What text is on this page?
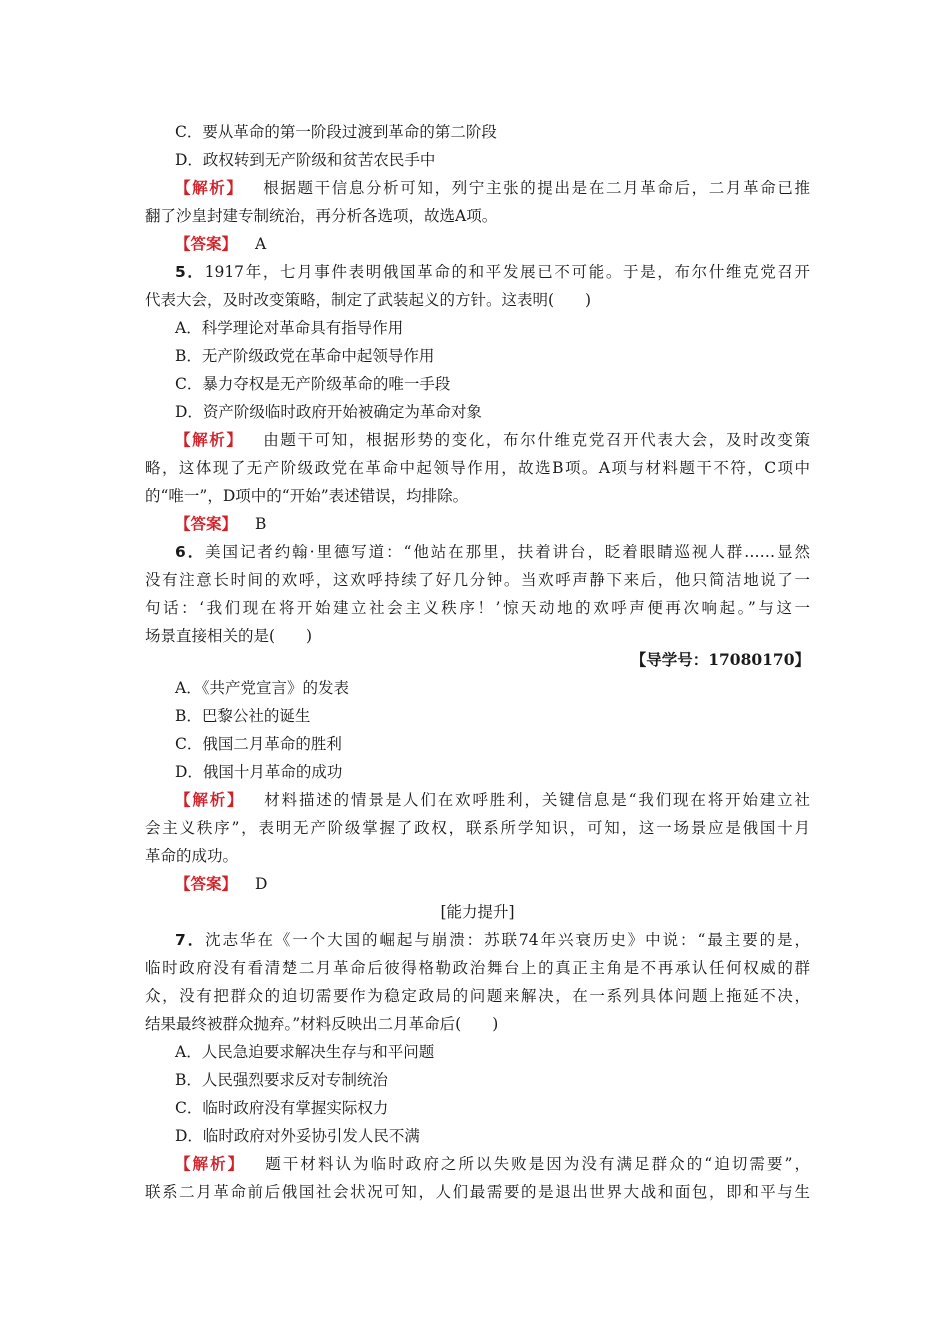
C．要从革命的第一阶段过渡到革命的第二阶段
D．政权转到无产阶级和贫苦农民手中
【解析】 根据题干信息分析可知，列宁主张的提出是在二月革命后，二月革命已推
翻了沙皇封建专制统治，再分析各选项，故选A项。
【答案】 A
5．1917年，七月事件表明俄国革命的和平发展已不可能。于是，布尔什维克党召开
代表大会，及时改变策略，制定了武装起义的方针。这表明(　　)
A．科学理论对革命具有指导作用
B．无产阶级政党在革命中起领导作用
C．暴力夺权是无产阶级革命的唯一手段
D．资产阶级临时政府开始被确定为革命对象
【解析】 由题干可知，根据形势的变化，布尔什维克党召开代表大会，及时改变策
略，这体现了无产阶级政党在革命中起领导作用，故选B项。A项与材料题干不符，C项中
的“唯一”，D项中的“开始”表述错误，均排除。
【答案】 B
6．美国记者约翰·里德写道：“他站在那里，扶着讲台，眨着眼睛巡视人群……显然
没有注意长时间的欢呼，这欢呼持续了好几分钟。当欢呼声静下来后，他只简洁地说了一
句话：‘我们现在将开始建立社会主义秩序！’惊天动地的欢呼声便再次响起。”与这一
场景直接相关的是(　　)
【导学号：17080170】
A．《共产党宣言》的发表
B．巴黎公社的诞生
C．俄国二月革命的胜利
D．俄国十月革命的成功
【解析】 材料描述的情景是人们在欢呼胜利，关键信息是“我们现在将开始建立社
会主义秩序”，表明无产阶级掌握了政权，联系所学知识，可知，这一场景应是俄国十月
革命的成功。
【答案】 D
[能力提升]
7．沈志华在《一个大国的崛起与崩溃：苏联74年兴衰历史》中说：“最主要的是，
临时政府没有看清楚二月革命后彼得格勒政治舞台上的真正主角是不再承认任何权威的群
众，没有把群众的迫切需要作为稳定政局的问题来解决，在一系列具体问题上拖延不决，
结果最终被群众抛弃。”材料反映出二月革命后(　　)
A．人民急迫要求解决生存与和平问题
B．人民强烈要求反对专制统治
C．临时政府没有掌握实际权力
D．临时政府对外妥协引发人民不满
【解析】 题干材料认为临时政府之所以失败是因为没有满足群众的“迫切需要”，
联系二月革命前后俄国社会状况可知，人们最需要的是退出世界大战和面包，即和平与生
